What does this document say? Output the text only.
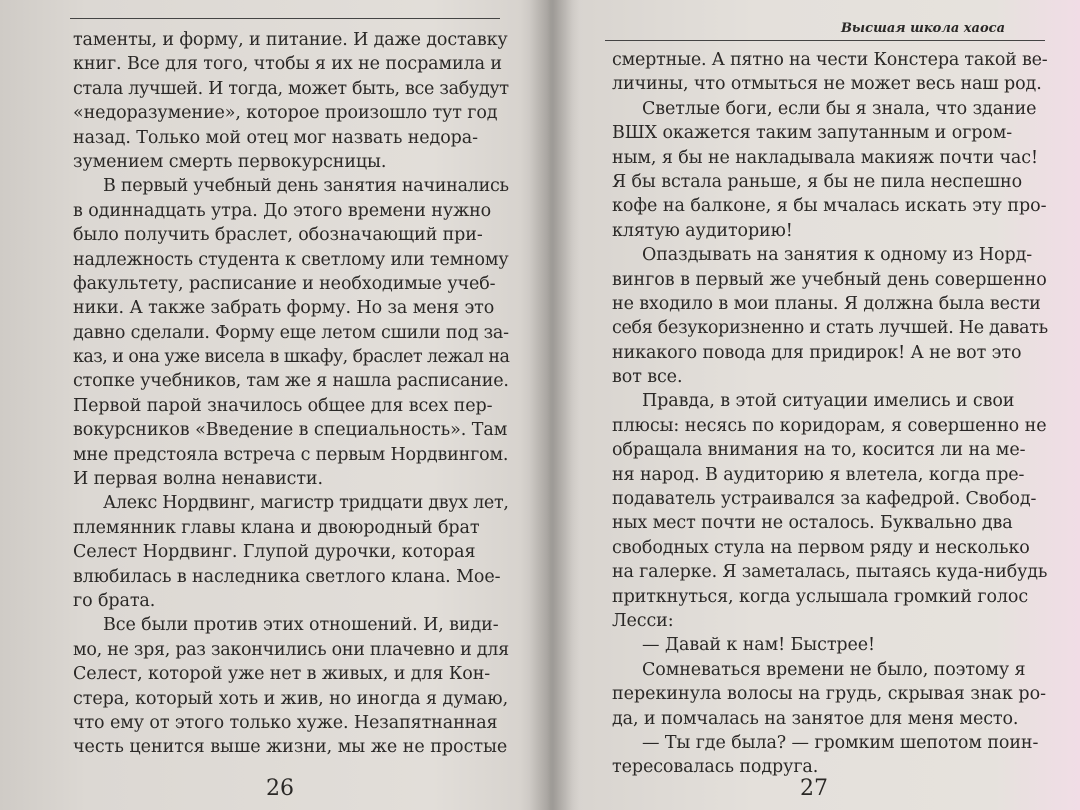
таменты, и форму, и питание. И даже доставку
книг. Все для того, чтобы я их не посрамила и
стала лучшей. И тогда, может быть, все забудут
«недоразумение», которое произошло тут год
назад. Только мой отец мог назвать недора-
зумением смерть первокурсницы.
В первый учебный день занятия начинались
в одиннадцать утра. До этого времени нужно
было получить браслет, обозначающий при-
надлежность студента к светлому или темному
факультету, расписание и необходимые учеб-
ники. А также забрать форму. Но за меня это
давно сделали. Форму еще летом сшили под за-
каз, и она уже висела в шкафу, браслет лежал на
стопке учебников, там же я нашла расписание.
Первой парой значилось общее для всех пер-
вокурсников «Введение в специальность». Там
мне предстояла встреча с первым Нордвингом.
И первая волна ненависти.
Алекс Нордвинг, магистр тридцати двух лет,
племянник главы клана и двоюродный брат
Селест Нордвинг. Глупой дурочки, которая
влюбилась в наследника светлого клана. Мое-
го брата.
Все были против этих отношений. И, види-
мо, не зря, раз закончились они плачевно и для
Селест, которой уже нет в живых, и для Кон-
стера, который хоть и жив, но иногда я думаю,
что ему от этого только хуже. Незапятнанная
честь ценится выше жизни, мы же не простые
26
Высшая школа хаоса
смертные. А пятно на чести Констера такой ве-
личины, что отмыться не может весь наш род.
Светлые боги, если бы я знала, что здание
ВШХ окажется таким запутанным и огром-
ным, я бы не накладывала макияж почти час!
Я бы встала раньше, я бы не пила неспешно
кофе на балконе, я бы мчалась искать эту про-
клятую аудиторию!
Опаздывать на занятия к одному из Норд-
вингов в первый же учебный день совершенно
не входило в мои планы. Я должна была вести
себя безукоризненно и стать лучшей. Не давать
никакого повода для придирок! А не вот это
вот все.
Правда, в этой ситуации имелись и свои
плюсы: несясь по коридорам, я совершенно не
обращала внимания на то, косится ли на ме-
ня народ. В аудиторию я влетела, когда пре-
подаватель устраивался за кафедрой. Свобод-
ных мест почти не осталось. Буквально два
свободных стула на первом ряду и несколько
на галерке. Я заметалась, пытаясь куда-нибудь
приткнуться, когда услышала громкий голос
Лесси:
— Давай к нам! Быстрее!
Сомневаться времени не было, поэтому я
перекинула волосы на грудь, скрывая знак ро-
да, и помчалась на занятое для меня место.
— Ты где была? — громким шепотом поин-
тересовалась подруга.
27
